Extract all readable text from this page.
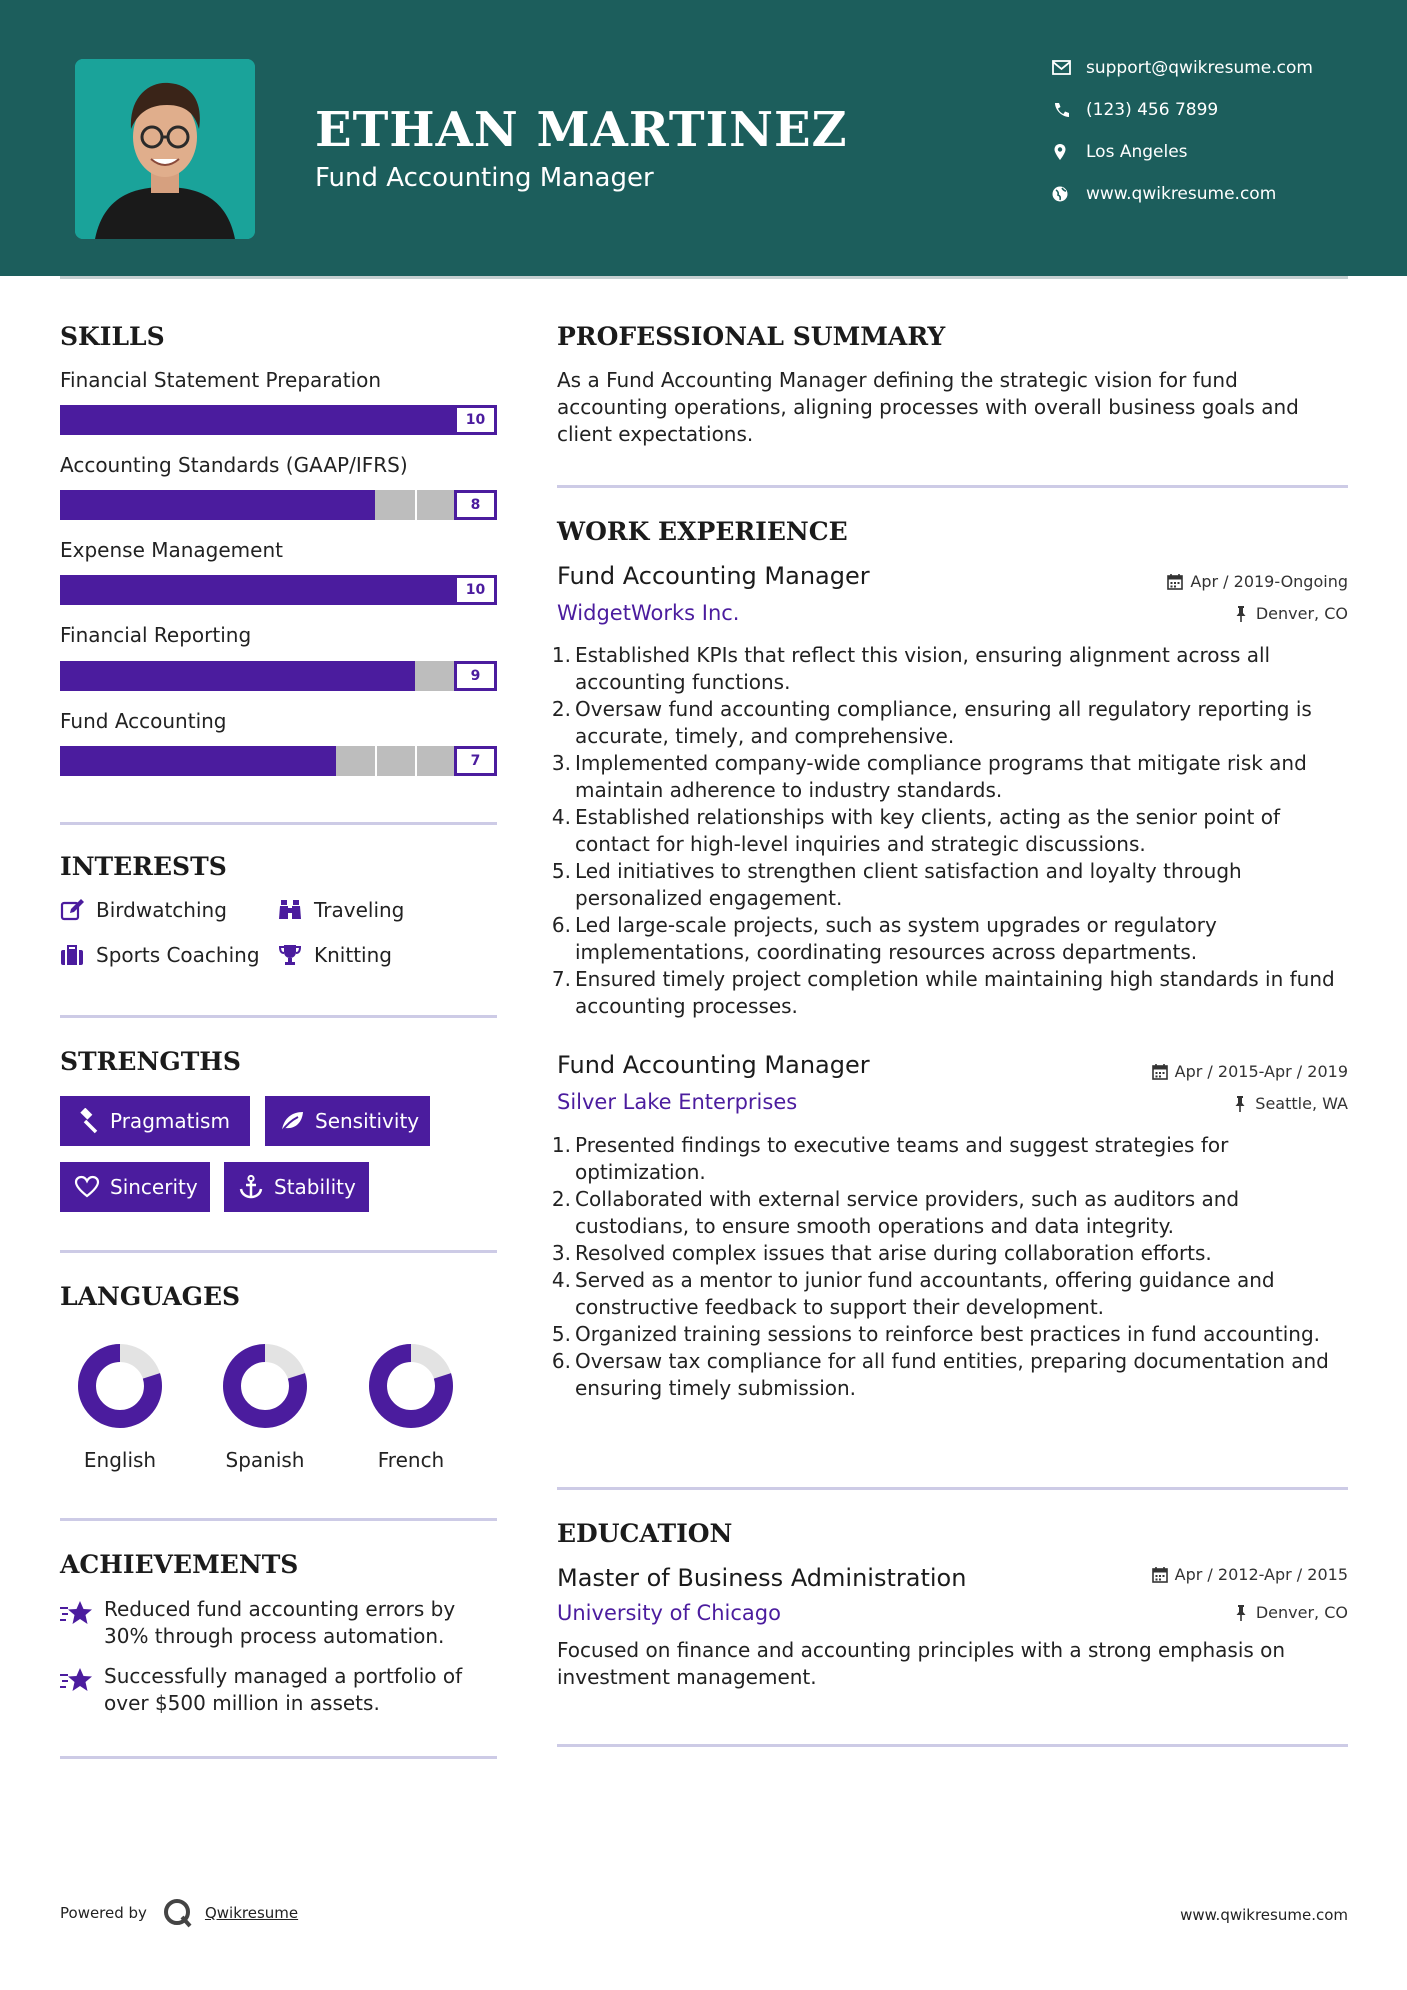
ETHAN MARTINEZ
Fund Accounting Manager
support@qwikresume.com
(123) 456 7899
Los Angeles
www.qwikresume.com
SKILLS
Financial Statement Preparation
10
Accounting Standards (GAAP/IFRS)
8
Expense Management
10
Financial Reporting
9
Fund Accounting
7
INTERESTS
Birdwatching	Traveling
Sports Coaching	Knitting
STRENGTHS
Pragmatism	Sensitivity
Sincerity	Stability
LANGUAGES
English	Spanish	French
ACHIEVEMENTS
Reduced fund accounting errors by 30% through process automation.
Successfully managed a portfolio of over $500 million in assets.
PROFESSIONAL SUMMARY
As a Fund Accounting Manager defining the strategic vision for fund accounting operations, aligning processes with overall business goals and client expectations.
WORK EXPERIENCE
Fund Accounting Manager	Apr / 2019-Ongoing
WidgetWorks Inc.	Denver, CO
1. Established KPIs that reflect this vision, ensuring alignment across all accounting functions.
2. Oversaw fund accounting compliance, ensuring all regulatory reporting is accurate, timely, and comprehensive.
3. Implemented company-wide compliance programs that mitigate risk and maintain adherence to industry standards.
4. Established relationships with key clients, acting as the senior point of contact for high-level inquiries and strategic discussions.
5. Led initiatives to strengthen client satisfaction and loyalty through personalized engagement.
6. Led large-scale projects, such as system upgrades or regulatory implementations, coordinating resources across departments.
7. Ensured timely project completion while maintaining high standards in fund accounting processes.
Fund Accounting Manager	Apr / 2015-Apr / 2019
Silver Lake Enterprises	Seattle, WA
1. Presented findings to executive teams and suggest strategies for optimization.
2. Collaborated with external service providers, such as auditors and custodians, to ensure smooth operations and data integrity.
3. Resolved complex issues that arise during collaboration efforts.
4. Served as a mentor to junior fund accountants, offering guidance and constructive feedback to support their development.
5. Organized training sessions to reinforce best practices in fund accounting.
6. Oversaw tax compliance for all fund entities, preparing documentation and ensuring timely submission.
EDUCATION
Master of Business Administration	Apr / 2012-Apr / 2015
University of Chicago	Denver, CO
Focused on finance and accounting principles with a strong emphasis on investment management.
Powered by	Qwikresume	www.qwikresume.com
